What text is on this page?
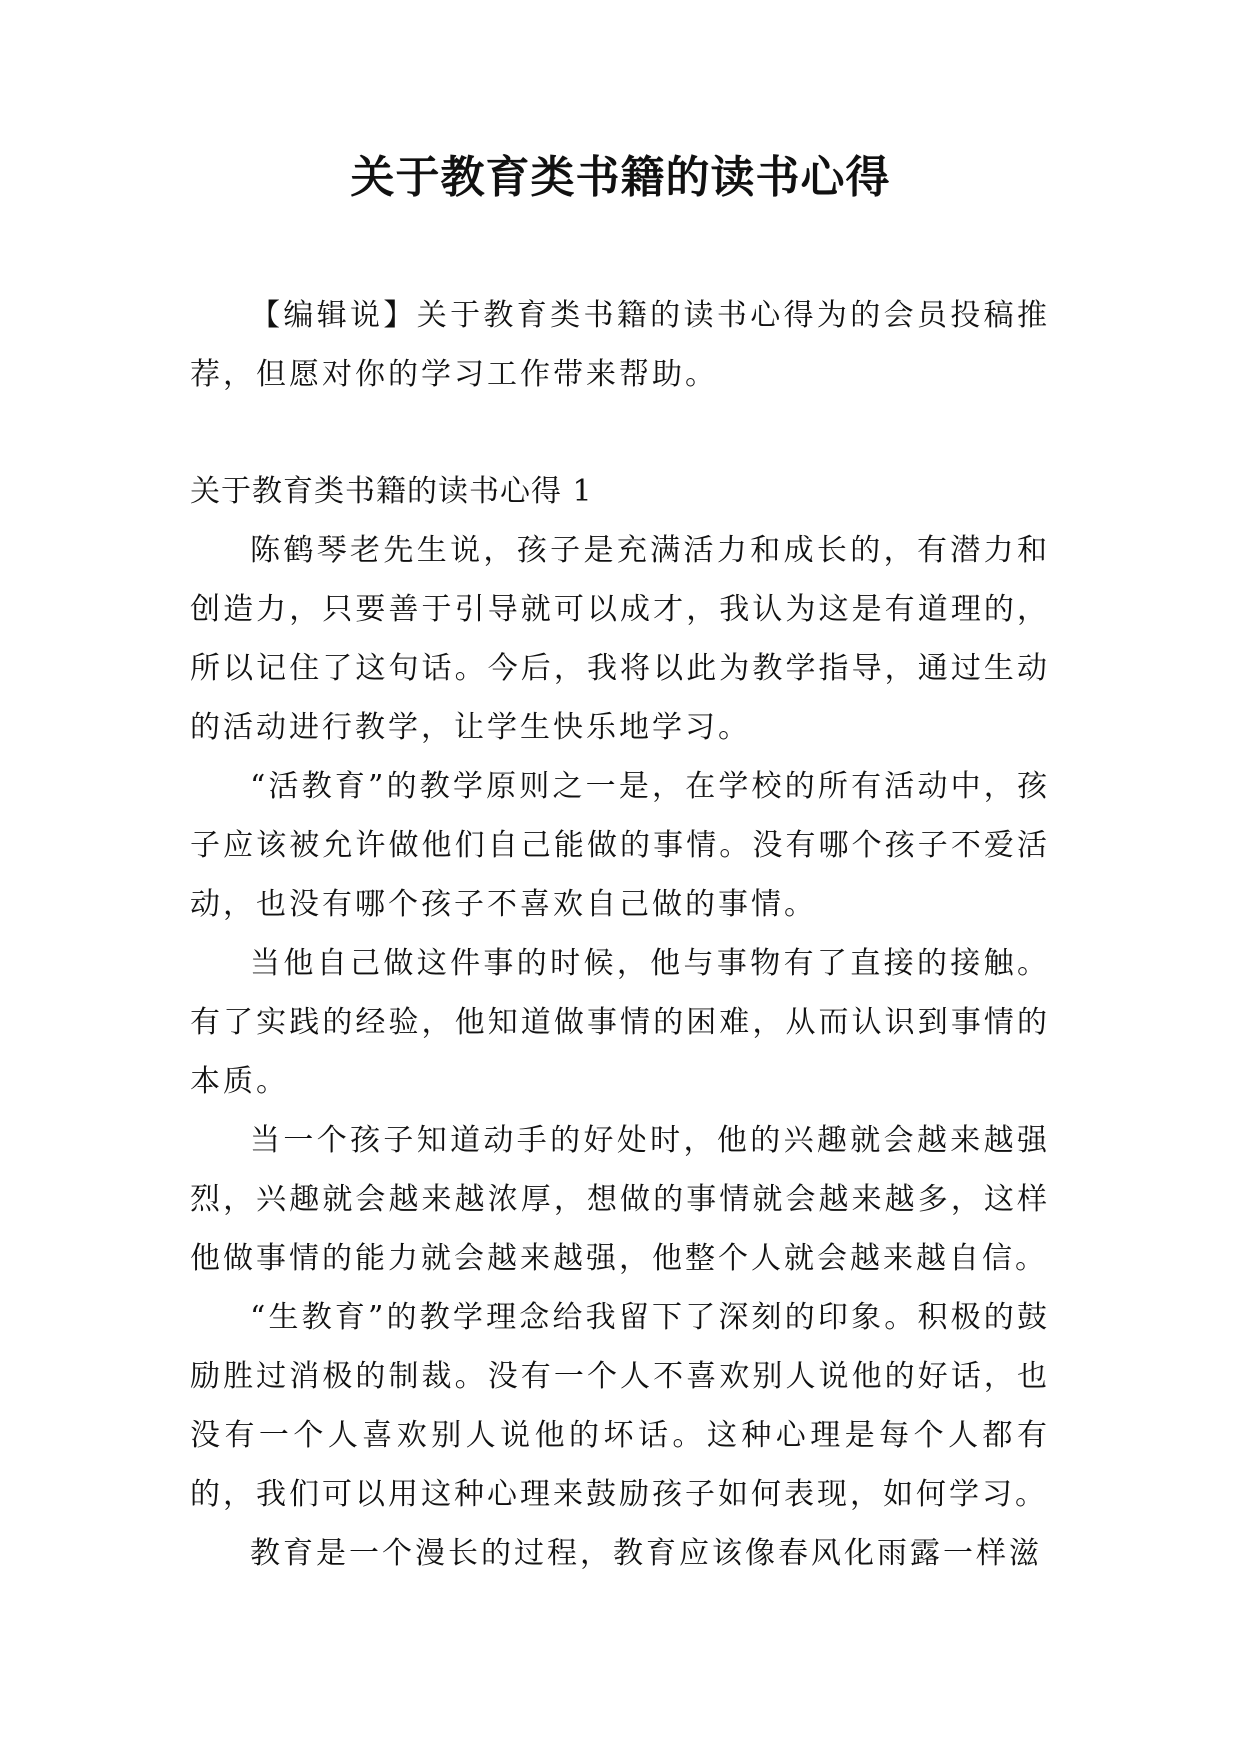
关于教育类书籍的读书心得

【编辑说】关于教育类书籍的读书心得为的会员投稿推荐，但愿对你的学习工作带来帮助。

关于教育类书籍的读书心得 1

陈鹤琴老先生说，孩子是充满活力和成长的，有潜力和创造力，只要善于引导就可以成才，我认为这是有道理的，所以记住了这句话。今后，我将以此为教学指导，通过生动的活动进行教学，让学生快乐地学习。

“活教育”的教学原则之一是，在学校的所有活动中，孩子应该被允许做他们自己能做的事情。没有哪个孩子不爱活动，也没有哪个孩子不喜欢自己做的事情。

当他自己做这件事的时候，他与事物有了直接的接触。有了实践的经验，他知道做事情的困难，从而认识到事情的本质。

当一个孩子知道动手的好处时，他的兴趣就会越来越强烈，兴趣就会越来越浓厚，想做的事情就会越来越多，这样他做事情的能力就会越来越强，他整个人就会越来越自信。

“生教育”的教学理念给我留下了深刻的印象。积极的鼓励胜过消极的制裁。没有一个人不喜欢别人说他的好话，也没有一个人喜欢别人说他的坏话。这种心理是每个人都有的，我们可以用这种心理来鼓励孩子如何表现，如何学习。

教育是一个漫长的过程，教育应该像春风化雨露一样滋
